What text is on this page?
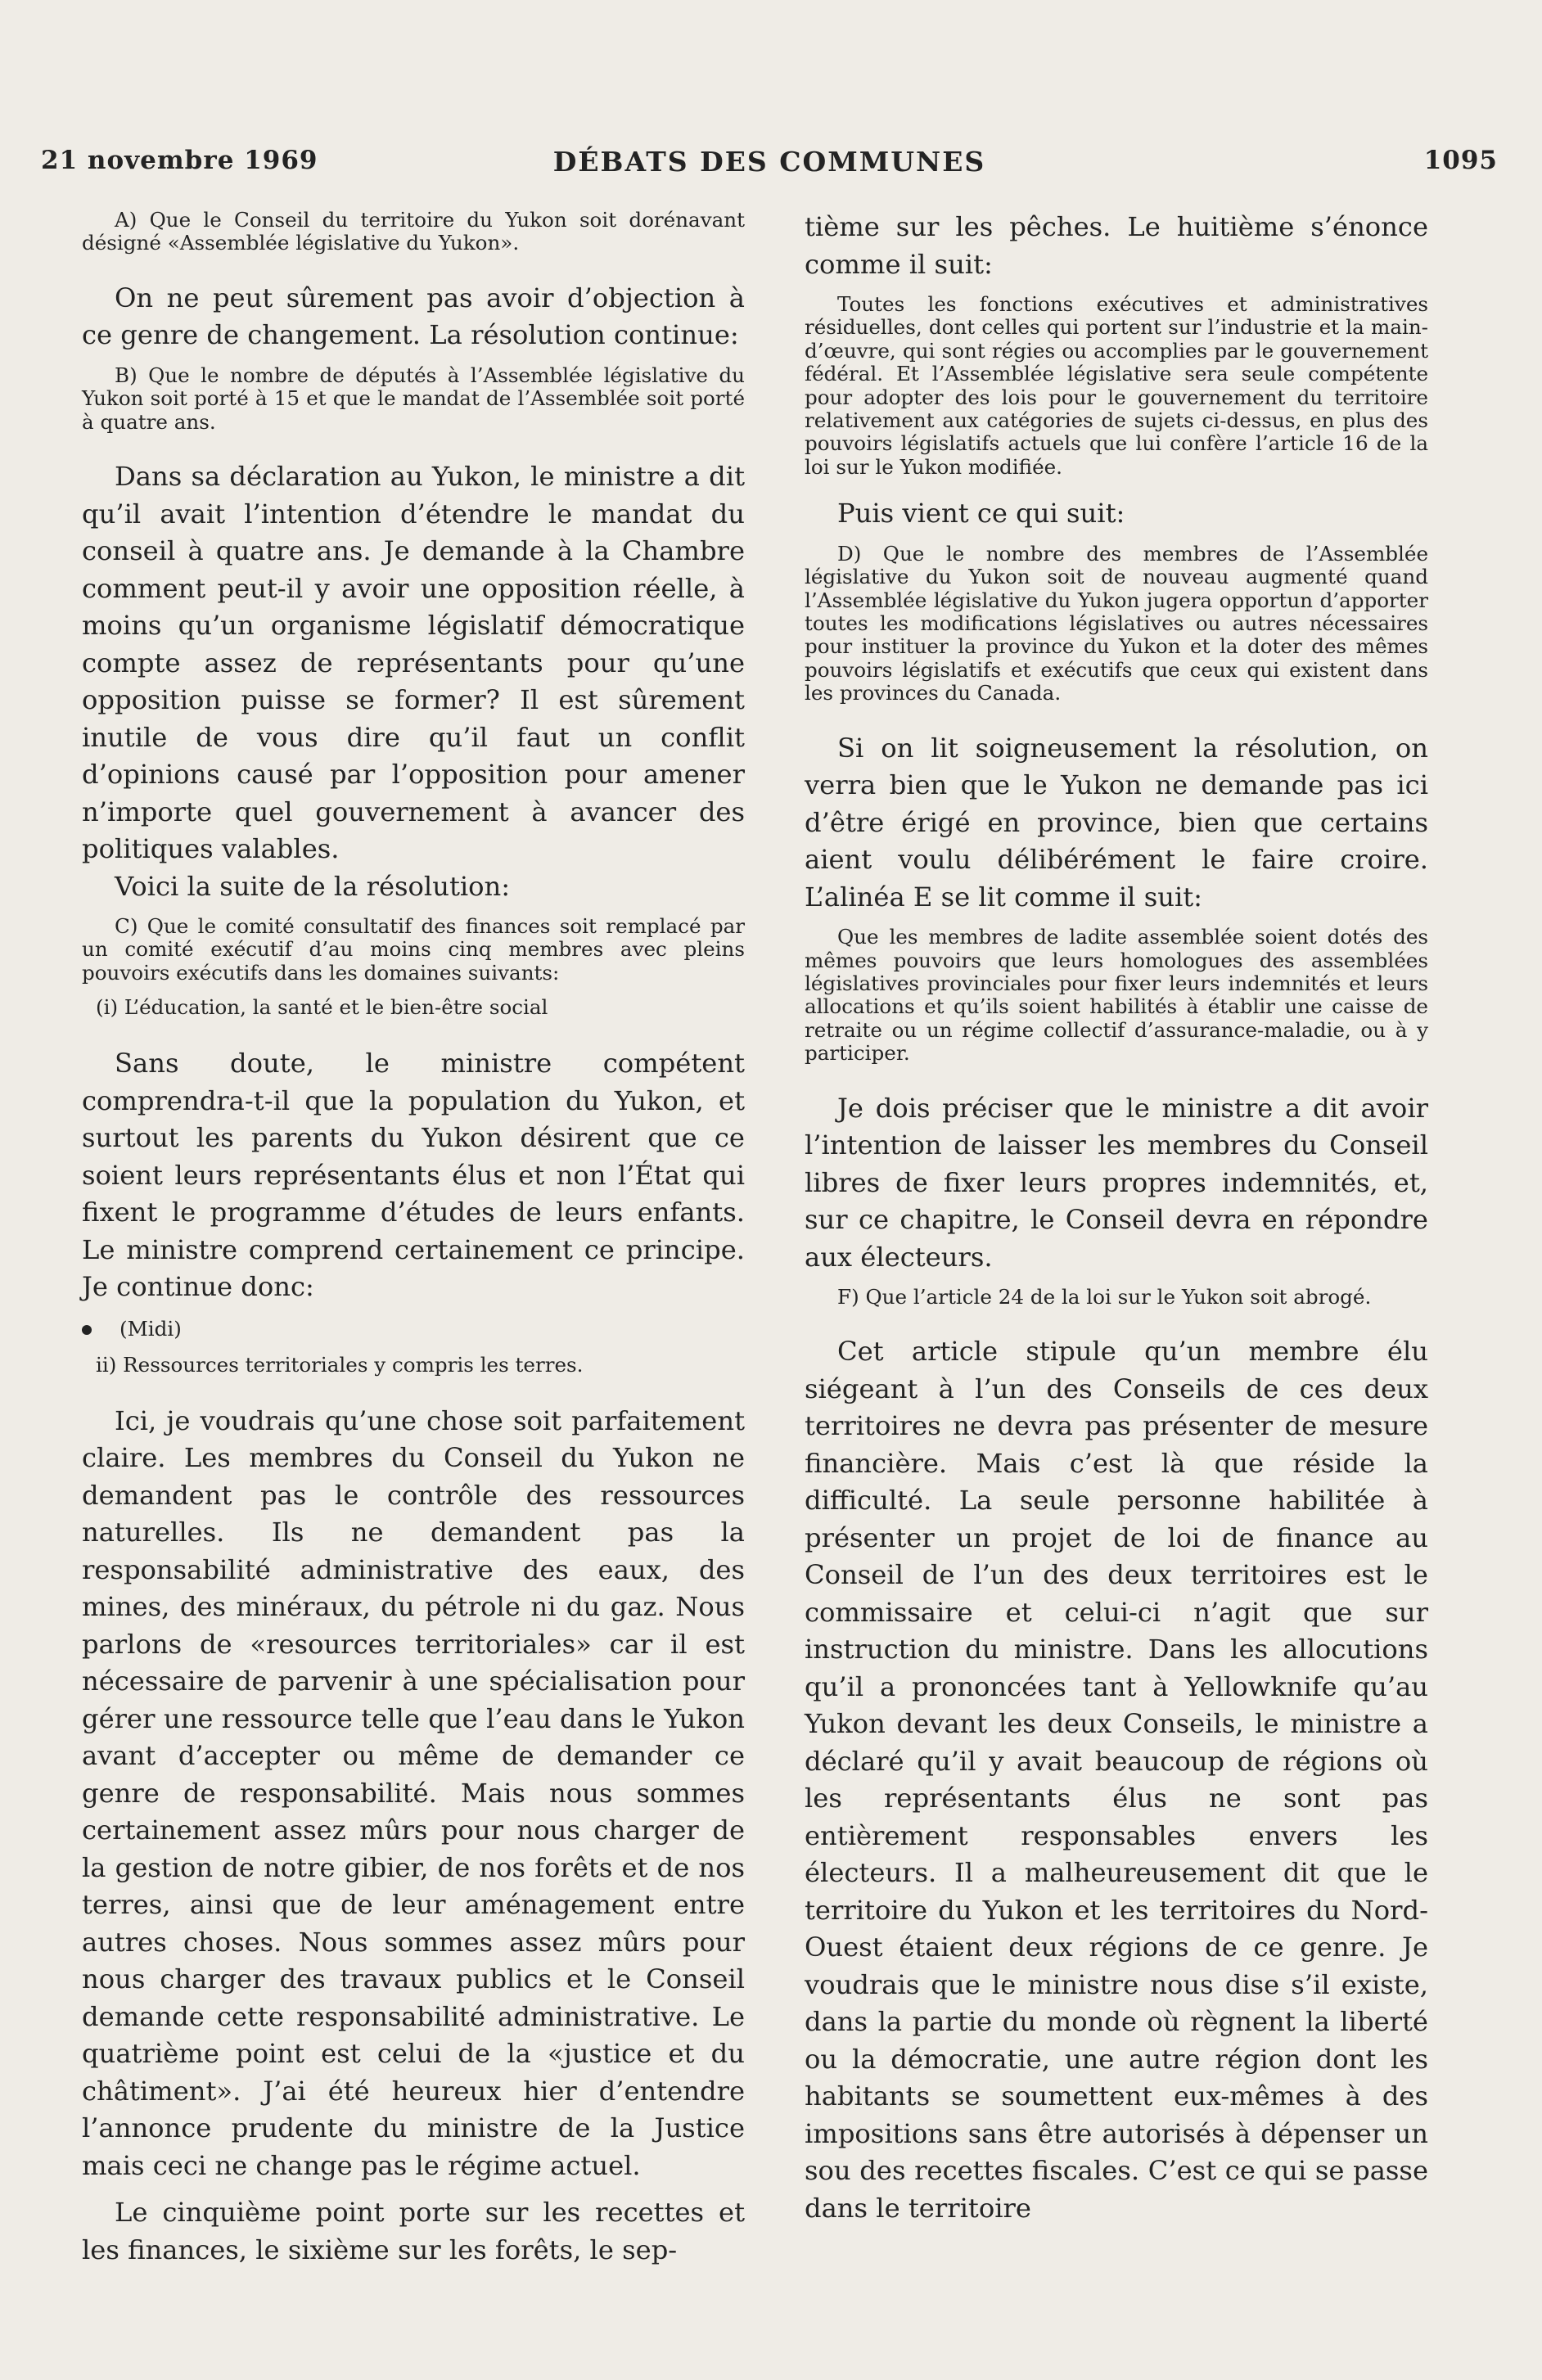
21 novembre 1969	DÉBATS DES COMMUNES	1095

A) Que le Conseil du territoire du Yukon soit dorénavant désigné «Assemblée législative du Yukon».

On ne peut sûrement pas avoir d’objection à ce genre de changement. La résolution continue:

B) Que le nombre de députés à l’Assemblée législative du Yukon soit porté à 15 et que le mandat de l’Assemblée soit porté à quatre ans.

Dans sa déclaration au Yukon, le ministre a dit qu’il avait l’intention d’étendre le mandat du conseil à quatre ans. Je demande à la Chambre comment peut-il y avoir une opposition réelle, à moins qu’un organisme législatif démocratique compte assez de représentants pour qu’une opposition puisse se former? Il est sûrement inutile de vous dire qu’il faut un conflit d’opinions causé par l’opposition pour amener n’importe quel gouvernement à avancer des politiques valables.

Voici la suite de la résolution:

C) Que le comité consultatif des finances soit remplacé par un comité exécutif d’au moins cinq membres avec pleins pouvoirs exécutifs dans les domaines suivants:

(i) L’éducation, la santé et le bien-être social

Sans doute, le ministre compétent comprendra-t-il que la population du Yukon, et surtout les parents du Yukon désirent que ce soient leurs représentants élus et non l’État qui fixent le programme d’études de leurs enfants. Le ministre comprend certainement ce principe. Je continue donc:

(Midi)

ii) Ressources territoriales y compris les terres.

Ici, je voudrais qu’une chose soit parfaitement claire. Les membres du Conseil du Yukon ne demandent pas le contrôle des ressources naturelles. Ils ne demandent pas la responsabilité administrative des eaux, des mines, des minéraux, du pétrole ni du gaz. Nous parlons de «resources territoriales» car il est nécessaire de parvenir à une spécialisation pour gérer une ressource telle que l’eau dans le Yukon avant d’accepter ou même de demander ce genre de responsabilité. Mais nous sommes certainement assez mûrs pour nous charger de la gestion de notre gibier, de nos forêts et de nos terres, ainsi que de leur aménagement entre autres choses. Nous sommes assez mûrs pour nous charger des travaux publics et le Conseil demande cette responsabilité administrative. Le quatrième point est celui de la «justice et du châtiment». J’ai été heureux hier d’entendre l’annonce prudente du ministre de la Justice mais ceci ne change pas le régime actuel.

Le cinquième point porte sur les recettes et les finances, le sixième sur les forêts, le sep-

tième sur les pêches. Le huitième s’énonce comme il suit:

Toutes les fonctions exécutives et administratives résiduelles, dont celles qui portent sur l’industrie et la main-d’œuvre, qui sont régies ou accomplies par le gouvernement fédéral. Et l’Assemblée législative sera seule compétente pour adopter des lois pour le gouvernement du territoire relativement aux catégories de sujets ci-dessus, en plus des pouvoirs législatifs actuels que lui confère l’article 16 de la loi sur le Yukon modifiée.

Puis vient ce qui suit:

D) Que le nombre des membres de l’Assemblée législative du Yukon soit de nouveau augmenté quand l’Assemblée législative du Yukon jugera opportun d’apporter toutes les modifications législatives ou autres nécessaires pour instituer la province du Yukon et la doter des mêmes pouvoirs législatifs et exécutifs que ceux qui existent dans les provinces du Canada.

Si on lit soigneusement la résolution, on verra bien que le Yukon ne demande pas ici d’être érigé en province, bien que certains aient voulu délibérément le faire croire. L’alinéa E se lit comme il suit:

Que les membres de ladite assemblée soient dotés des mêmes pouvoirs que leurs homologues des assemblées législatives provinciales pour fixer leurs indemnités et leurs allocations et qu’ils soient habilités à établir une caisse de retraite ou un régime collectif d’assurance-maladie, ou à y participer.

Je dois préciser que le ministre a dit avoir l’intention de laisser les membres du Conseil libres de fixer leurs propres indemnités, et, sur ce chapitre, le Conseil devra en répondre aux électeurs.

F) Que l’article 24 de la loi sur le Yukon soit abrogé.

Cet article stipule qu’un membre élu siégeant à l’un des Conseils de ces deux territoires ne devra pas présenter de mesure financière. Mais c’est là que réside la difficulté. La seule personne habilitée à présenter un projet de loi de finance au Conseil de l’un des deux territoires est le commissaire et celui-ci n’agit que sur instruction du ministre. Dans les allocutions qu’il a prononcées tant à Yellowknife qu’au Yukon devant les deux Conseils, le ministre a déclaré qu’il y avait beaucoup de régions où les représentants élus ne sont pas entièrement responsables envers les électeurs. Il a malheureusement dit que le territoire du Yukon et les territoires du Nord-Ouest étaient deux régions de ce genre. Je voudrais que le ministre nous dise s’il existe, dans la partie du monde où règnent la liberté ou la démocratie, une autre région dont les habitants se soumettent eux-mêmes à des impositions sans être autorisés à dépenser un sou des recettes fiscales. C’est ce qui se passe dans le territoire
